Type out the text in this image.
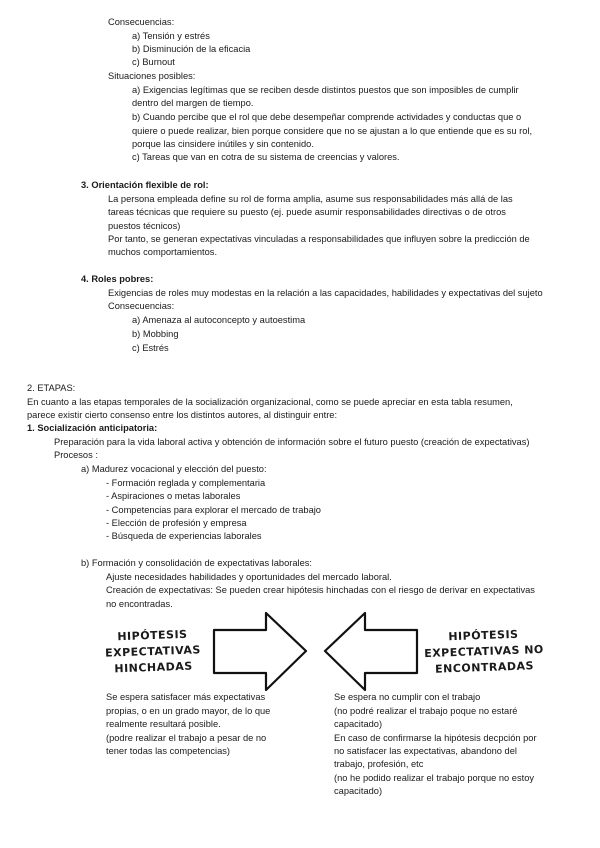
Consecuencias:
a) Tensión y estrés
b) Disminución de la eficacia
c) Burnout
Situaciones posibles:
a) Exigencias legítimas que se reciben desde distintos puestos que son imposibles de cumplir
dentro del margen de tiempo.
b) Cuando percibe que el rol que debe desempeñar comprende actividades y conductas que o
quiere o puede realizar, bien porque considere que no se ajustan a lo que entiende que es su rol,
porque las cinsidere inútiles y sin contenido.
c) Tareas que van en cotra de su sistema de creencias y valores.
3. Orientación flexible de rol:
La persona empleada define su rol de forma amplia, asume sus responsabilidades más allá de las
tareas técnicas que requiere su puesto (ej. puede asumir responsabilidades directivas o de otros
puestos técnicos)
Por tanto, se generan expectativas vinculadas a responsabilidades que influyen sobre la predicción de
muchos comportamientos.
4. Roles pobres:
Exigencias de roles muy modestas en la relación a las capacidades, habilidades y expectativas del sujeto
Consecuencias:
a) Amenaza al autoconcepto y autoestima
b) Mobbing
c) Estrés
2. ETAPAS:
En cuanto a las etapas temporales de la socialización organizacional, como se puede apreciar en esta tabla resumen,
parece existir cierto consenso entre los distintos autores, al distinguir entre:
1. Socialización anticipatoria:
Preparación para la vida laboral activa y obtención de información sobre el futuro puesto (creación de expectativas)
Procesos :
a) Madurez vocacional y elección del puesto:
- Formación reglada y complementaria
- Aspiraciones o metas laborales
- Competencias para explorar el mercado de trabajo
- Elección de profesión y empresa
- Búsqueda de experiencias laborales
b) Formación y consolidación de expectativas laborales:
Ajuste necesidades habilidades y oportunidades del mercado laboral.
Creación de expectativas: Se pueden crear hipótesis hinchadas con el riesgo de derivar en expectativas
no encontradas.
HIPÓTESIS
EXPECTATIVAS
HINCHADAS
HIPÓTESIS
EXPECTATIVAS NO
ENCONTRADAS
Se espera satisfacer más expectativas
propias, o en un grado mayor, de lo que
realmente resultará posible.
(podre realizar el trabajo a pesar de no
tener todas las competencias)
Se espera no cumplir con el trabajo
(no podré realizar el trabajo poque no estaré
capacitado)
En caso de confirmarse la hipótesis decpción por
no satisfacer las expectativas, abandono del
trabajo, profesión, etc
(no he podido realizar el trabajo porque no estoy
capacitado)
